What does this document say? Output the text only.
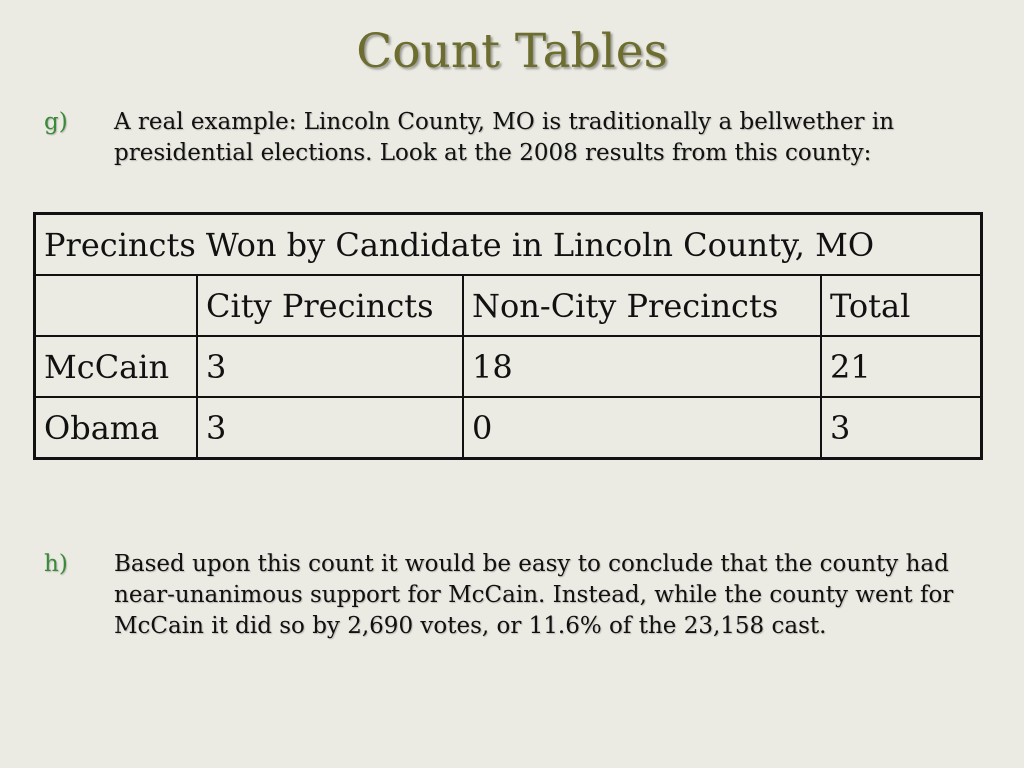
Count Tables
g)	A real example: Lincoln County, MO is traditionally a bellwether in presidential elections. Look at the 2008 results from this county:
Precincts Won by Candidate in Lincoln County, MO			
	City Precincts	Non-City Precincts	Total
McCain	3	18	21
Obama	3	0	3
h)	Based upon this count it would be easy to conclude that the county had near-unanimous support for McCain. Instead, while the county went for McCain it did so by 2,690 votes, or 11.6% of the 23,158 cast.
